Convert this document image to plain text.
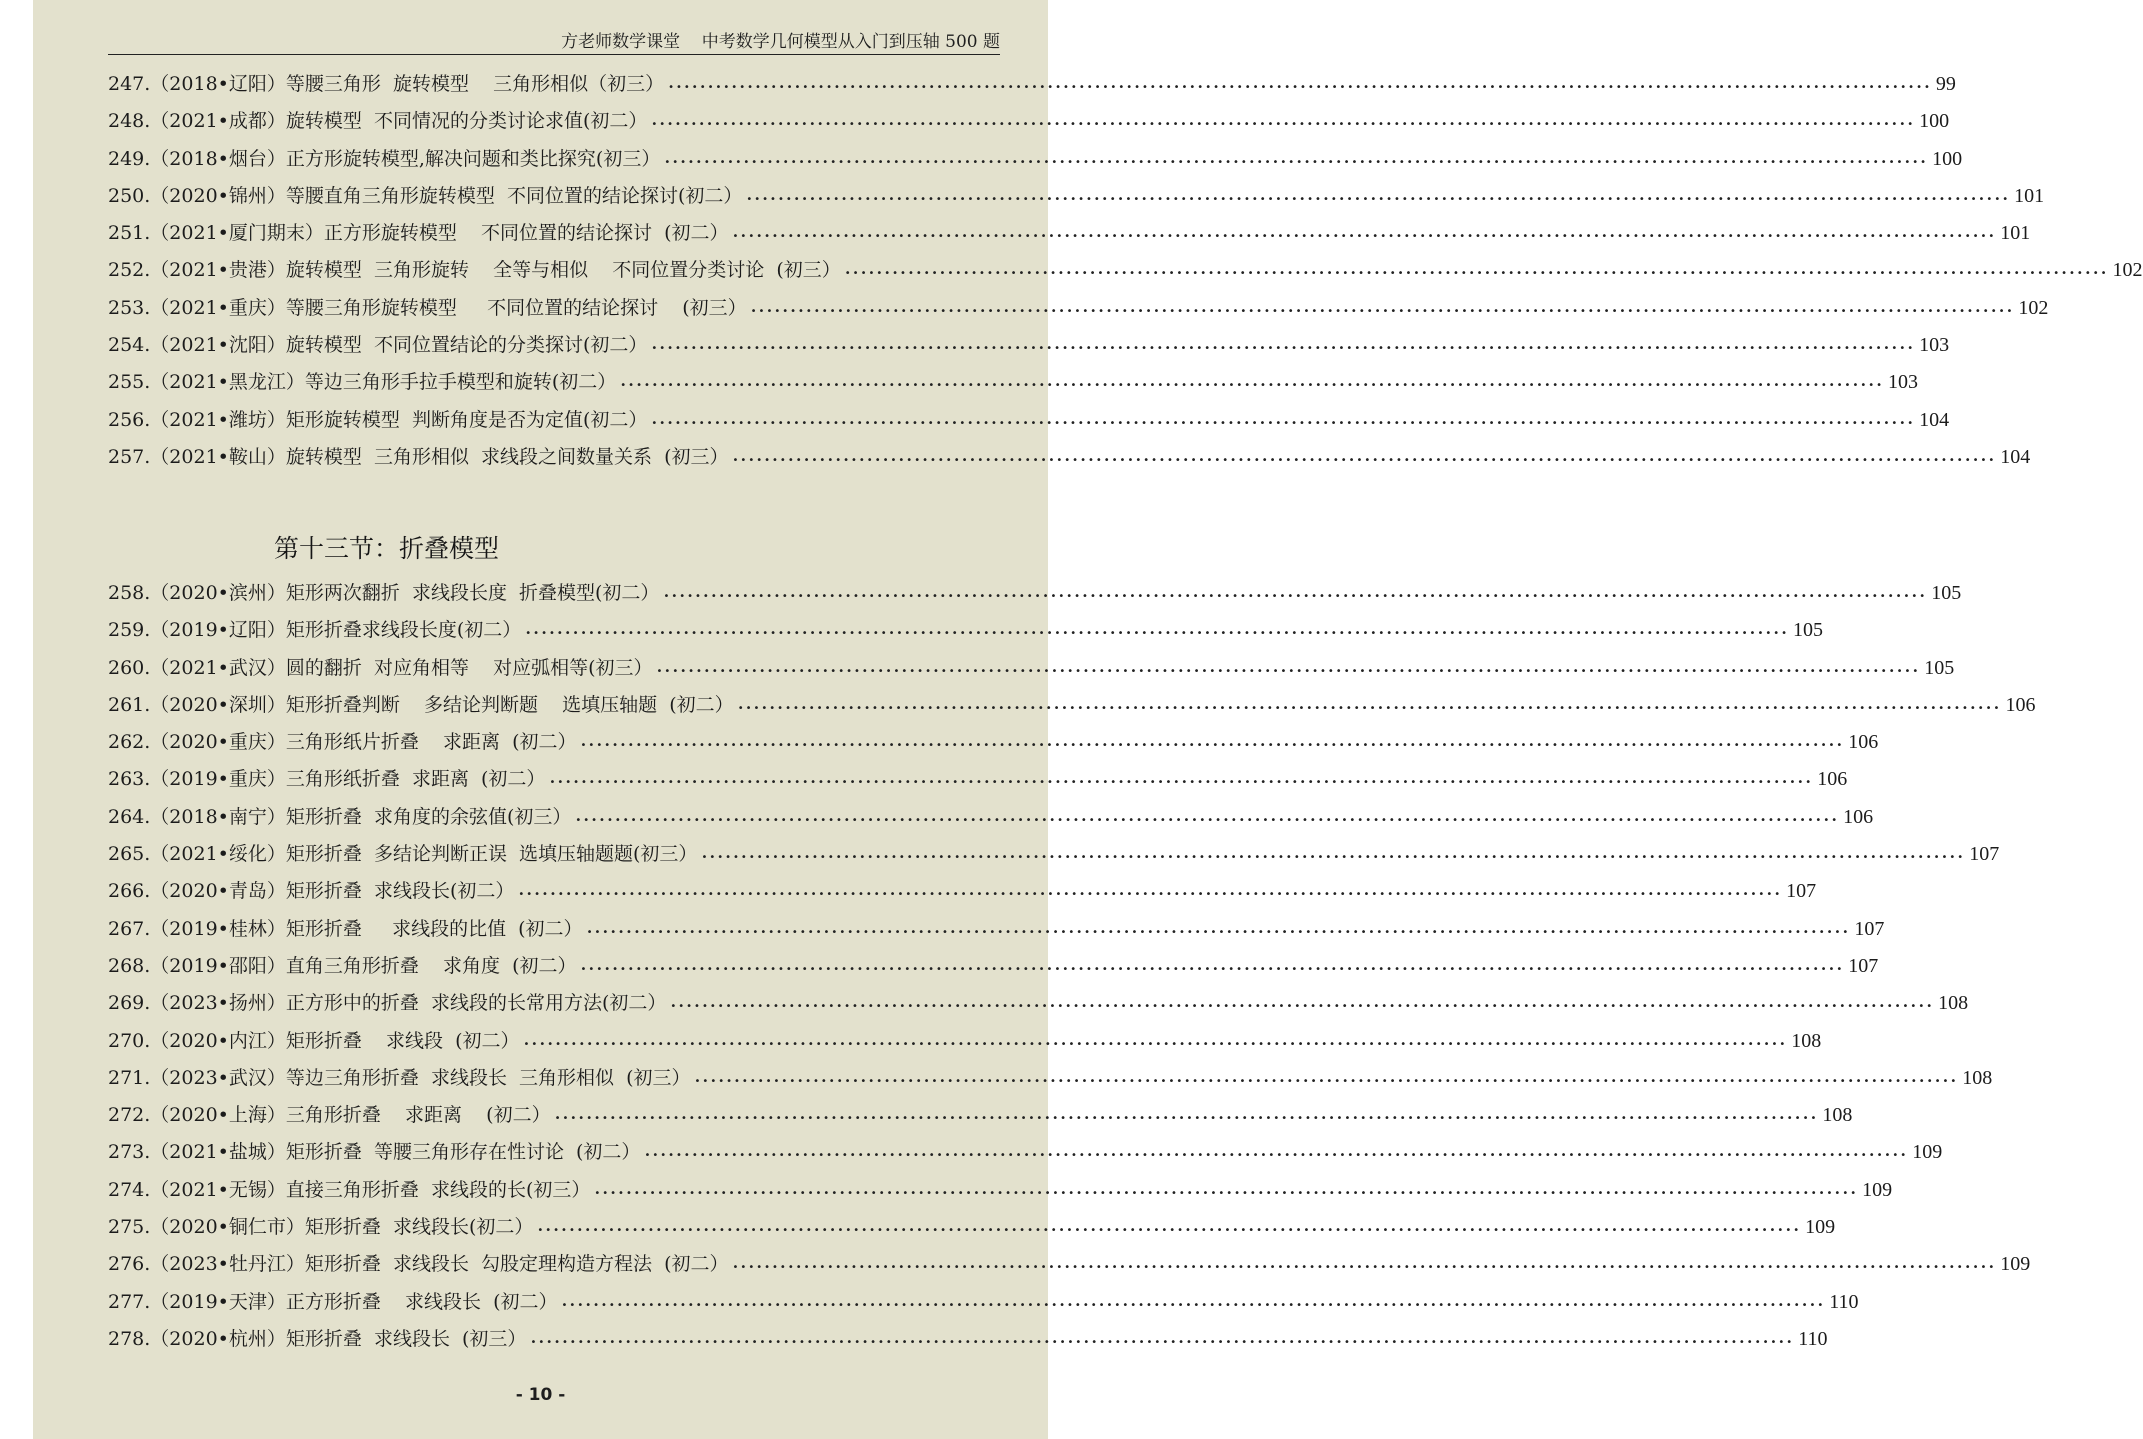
方老师数学课堂    中考数学几何模型从入门到压轴 500 题
247.（2018•辽阳）等腰三角形  旋转模型    三角形相似（初三） •••••••••••••••••••••••••••••••••••••••••••••••••••••••••••••••••••••••••••••••••••••••••••••••••••••••••••••••••••••••••••••••••••••••••••••••••••••••••••••••• 99
248.（2021•成都）旋转模型  不同情况的分类讨论求值(初二） •••••••••••••••••••••••••••••••••••••••••••••••••••••••••••••••••••••••••••••••••••••••••••••••••••••••••••••••••••••••••••••••••••••••••••••••••••••••••••••••• 100
249.（2018•烟台）正方形旋转模型,解决问题和类比探究(初三） •••••••••••••••••••••••••••••••••••••••••••••••••••••••••••••••••••••••••••••••••••••••••••••••••••••••••••••••••••••••••••••••••••••••••••••••••••••••••••••••• 100
250.（2020•锦州）等腰直角三角形旋转模型  不同位置的结论探讨(初二） •••••••••••••••••••••••••••••••••••••••••••••••••••••••••••••••••••••••••••••••••••••••••••••••••••••••••••••••••••••••••••••••••••••••••••••••••••••••••••••••• 101
251.（2021•厦门期末）正方形旋转模型    不同位置的结论探讨  (初二） •••••••••••••••••••••••••••••••••••••••••••••••••••••••••••••••••••••••••••••••••••••••••••••••••••••••••••••••••••••••••••••••••••••••••••••••••••••••••••••••• 101
252.（2021•贵港）旋转模型  三角形旋转    全等与相似    不同位置分类讨论  (初三） •••••••••••••••••••••••••••••••••••••••••••••••••••••••••••••••••••••••••••••••••••••••••••••••••••••••••••••••••••••••••••••••••••••••••••••••••••••••••••••••• 102
253.（2021•重庆）等腰三角形旋转模型     不同位置的结论探讨    (初三） •••••••••••••••••••••••••••••••••••••••••••••••••••••••••••••••••••••••••••••••••••••••••••••••••••••••••••••••••••••••••••••••••••••••••••••••••••••••••••••••• 102
254.（2021•沈阳）旋转模型  不同位置结论的分类探讨(初二） •••••••••••••••••••••••••••••••••••••••••••••••••••••••••••••••••••••••••••••••••••••••••••••••••••••••••••••••••••••••••••••••••••••••••••••••••••••••••••••••• 103
255.（2021•黑龙江）等边三角形手拉手模型和旋转(初二） •••••••••••••••••••••••••••••••••••••••••••••••••••••••••••••••••••••••••••••••••••••••••••••••••••••••••••••••••••••••••••••••••••••••••••••••••••••••••••••••• 103
256.（2021•潍坊）矩形旋转模型  判断角度是否为定值(初二） •••••••••••••••••••••••••••••••••••••••••••••••••••••••••••••••••••••••••••••••••••••••••••••••••••••••••••••••••••••••••••••••••••••••••••••••••••••••••••••••• 104
257.（2021•鞍山）旋转模型  三角形相似  求线段之间数量关系  (初三） •••••••••••••••••••••••••••••••••••••••••••••••••••••••••••••••••••••••••••••••••••••••••••••••••••••••••••••••••••••••••••••••••••••••••••••••••••••••••••••••• 104
第十三节：折叠模型
258.（2020•滨州）矩形两次翻折  求线段长度  折叠模型(初二） •••••••••••••••••••••••••••••••••••••••••••••••••••••••••••••••••••••••••••••••••••••••••••••••••••••••••••••••••••••••••••••••••••••••••••••••••••••••••••••••• 105
259.（2019•辽阳）矩形折叠求线段长度(初二） •••••••••••••••••••••••••••••••••••••••••••••••••••••••••••••••••••••••••••••••••••••••••••••••••••••••••••••••••••••••••••••••••••••••••••••••••••••••••••••••• 105
260.（2021•武汉）圆的翻折  对应角相等    对应弧相等(初三） •••••••••••••••••••••••••••••••••••••••••••••••••••••••••••••••••••••••••••••••••••••••••••••••••••••••••••••••••••••••••••••••••••••••••••••••••••••••••••••••• 105
261.（2020•深圳）矩形折叠判断    多结论判断题    选填压轴题  (初二） •••••••••••••••••••••••••••••••••••••••••••••••••••••••••••••••••••••••••••••••••••••••••••••••••••••••••••••••••••••••••••••••••••••••••••••••••••••••••••••••• 106
262.（2020•重庆）三角形纸片折叠    求距离  (初二） •••••••••••••••••••••••••••••••••••••••••••••••••••••••••••••••••••••••••••••••••••••••••••••••••••••••••••••••••••••••••••••••••••••••••••••••••••••••••••••••• 106
263.（2019•重庆）三角形纸折叠  求距离  (初二） •••••••••••••••••••••••••••••••••••••••••••••••••••••••••••••••••••••••••••••••••••••••••••••••••••••••••••••••••••••••••••••••••••••••••••••••••••••••••••••••• 106
264.（2018•南宁）矩形折叠  求角度的余弦值(初三） •••••••••••••••••••••••••••••••••••••••••••••••••••••••••••••••••••••••••••••••••••••••••••••••••••••••••••••••••••••••••••••••••••••••••••••••••••••••••••••••• 106
265.（2021•绥化）矩形折叠  多结论判断正误  选填压轴题题(初三） •••••••••••••••••••••••••••••••••••••••••••••••••••••••••••••••••••••••••••••••••••••••••••••••••••••••••••••••••••••••••••••••••••••••••••••••••••••••••••••••• 107
266.（2020•青岛）矩形折叠  求线段长(初二） •••••••••••••••••••••••••••••••••••••••••••••••••••••••••••••••••••••••••••••••••••••••••••••••••••••••••••••••••••••••••••••••••••••••••••••••••••••••••••••••• 107
267.（2019•桂林）矩形折叠     求线段的比值  (初二） •••••••••••••••••••••••••••••••••••••••••••••••••••••••••••••••••••••••••••••••••••••••••••••••••••••••••••••••••••••••••••••••••••••••••••••••••••••••••••••••• 107
268.（2019•邵阳）直角三角形折叠    求角度  (初二） •••••••••••••••••••••••••••••••••••••••••••••••••••••••••••••••••••••••••••••••••••••••••••••••••••••••••••••••••••••••••••••••••••••••••••••••••••••••••••••••• 107
269.（2023•扬州）正方形中的折叠  求线段的长常用方法(初二） •••••••••••••••••••••••••••••••••••••••••••••••••••••••••••••••••••••••••••••••••••••••••••••••••••••••••••••••••••••••••••••••••••••••••••••••••••••••••••••••• 108
270.（2020•内江）矩形折叠    求线段  (初二） •••••••••••••••••••••••••••••••••••••••••••••••••••••••••••••••••••••••••••••••••••••••••••••••••••••••••••••••••••••••••••••••••••••••••••••••••••••••••••••••• 108
271.（2023•武汉）等边三角形折叠  求线段长  三角形相似  (初三） •••••••••••••••••••••••••••••••••••••••••••••••••••••••••••••••••••••••••••••••••••••••••••••••••••••••••••••••••••••••••••••••••••••••••••••••••••••••••••••••• 108
272.（2020•上海）三角形折叠    求距离    (初二） •••••••••••••••••••••••••••••••••••••••••••••••••••••••••••••••••••••••••••••••••••••••••••••••••••••••••••••••••••••••••••••••••••••••••••••••••••••••••••••••• 108
273.（2021•盐城）矩形折叠  等腰三角形存在性讨论  (初二） •••••••••••••••••••••••••••••••••••••••••••••••••••••••••••••••••••••••••••••••••••••••••••••••••••••••••••••••••••••••••••••••••••••••••••••••••••••••••••••••• 109
274.（2021•无锡）直接三角形折叠  求线段的长(初三） •••••••••••••••••••••••••••••••••••••••••••••••••••••••••••••••••••••••••••••••••••••••••••••••••••••••••••••••••••••••••••••••••••••••••••••••••••••••••••••••• 109
275.（2020•铜仁市）矩形折叠  求线段长(初二） •••••••••••••••••••••••••••••••••••••••••••••••••••••••••••••••••••••••••••••••••••••••••••••••••••••••••••••••••••••••••••••••••••••••••••••••••••••••••••••••• 109
276.（2023•牡丹江）矩形折叠  求线段长  勾股定理构造方程法  (初二） •••••••••••••••••••••••••••••••••••••••••••••••••••••••••••••••••••••••••••••••••••••••••••••••••••••••••••••••••••••••••••••••••••••••••••••••••••••••••••••••• 109
277.（2019•天津）正方形折叠    求线段长  (初二） •••••••••••••••••••••••••••••••••••••••••••••••••••••••••••••••••••••••••••••••••••••••••••••••••••••••••••••••••••••••••••••••••••••••••••••••••••••••••••••••• 110
278.（2020•杭州）矩形折叠  求线段长  (初三） •••••••••••••••••••••••••••••••••••••••••••••••••••••••••••••••••••••••••••••••••••••••••••••••••••••••••••••••••••••••••••••••••••••••••••••••••••••••••••••••• 110
- 10 -
